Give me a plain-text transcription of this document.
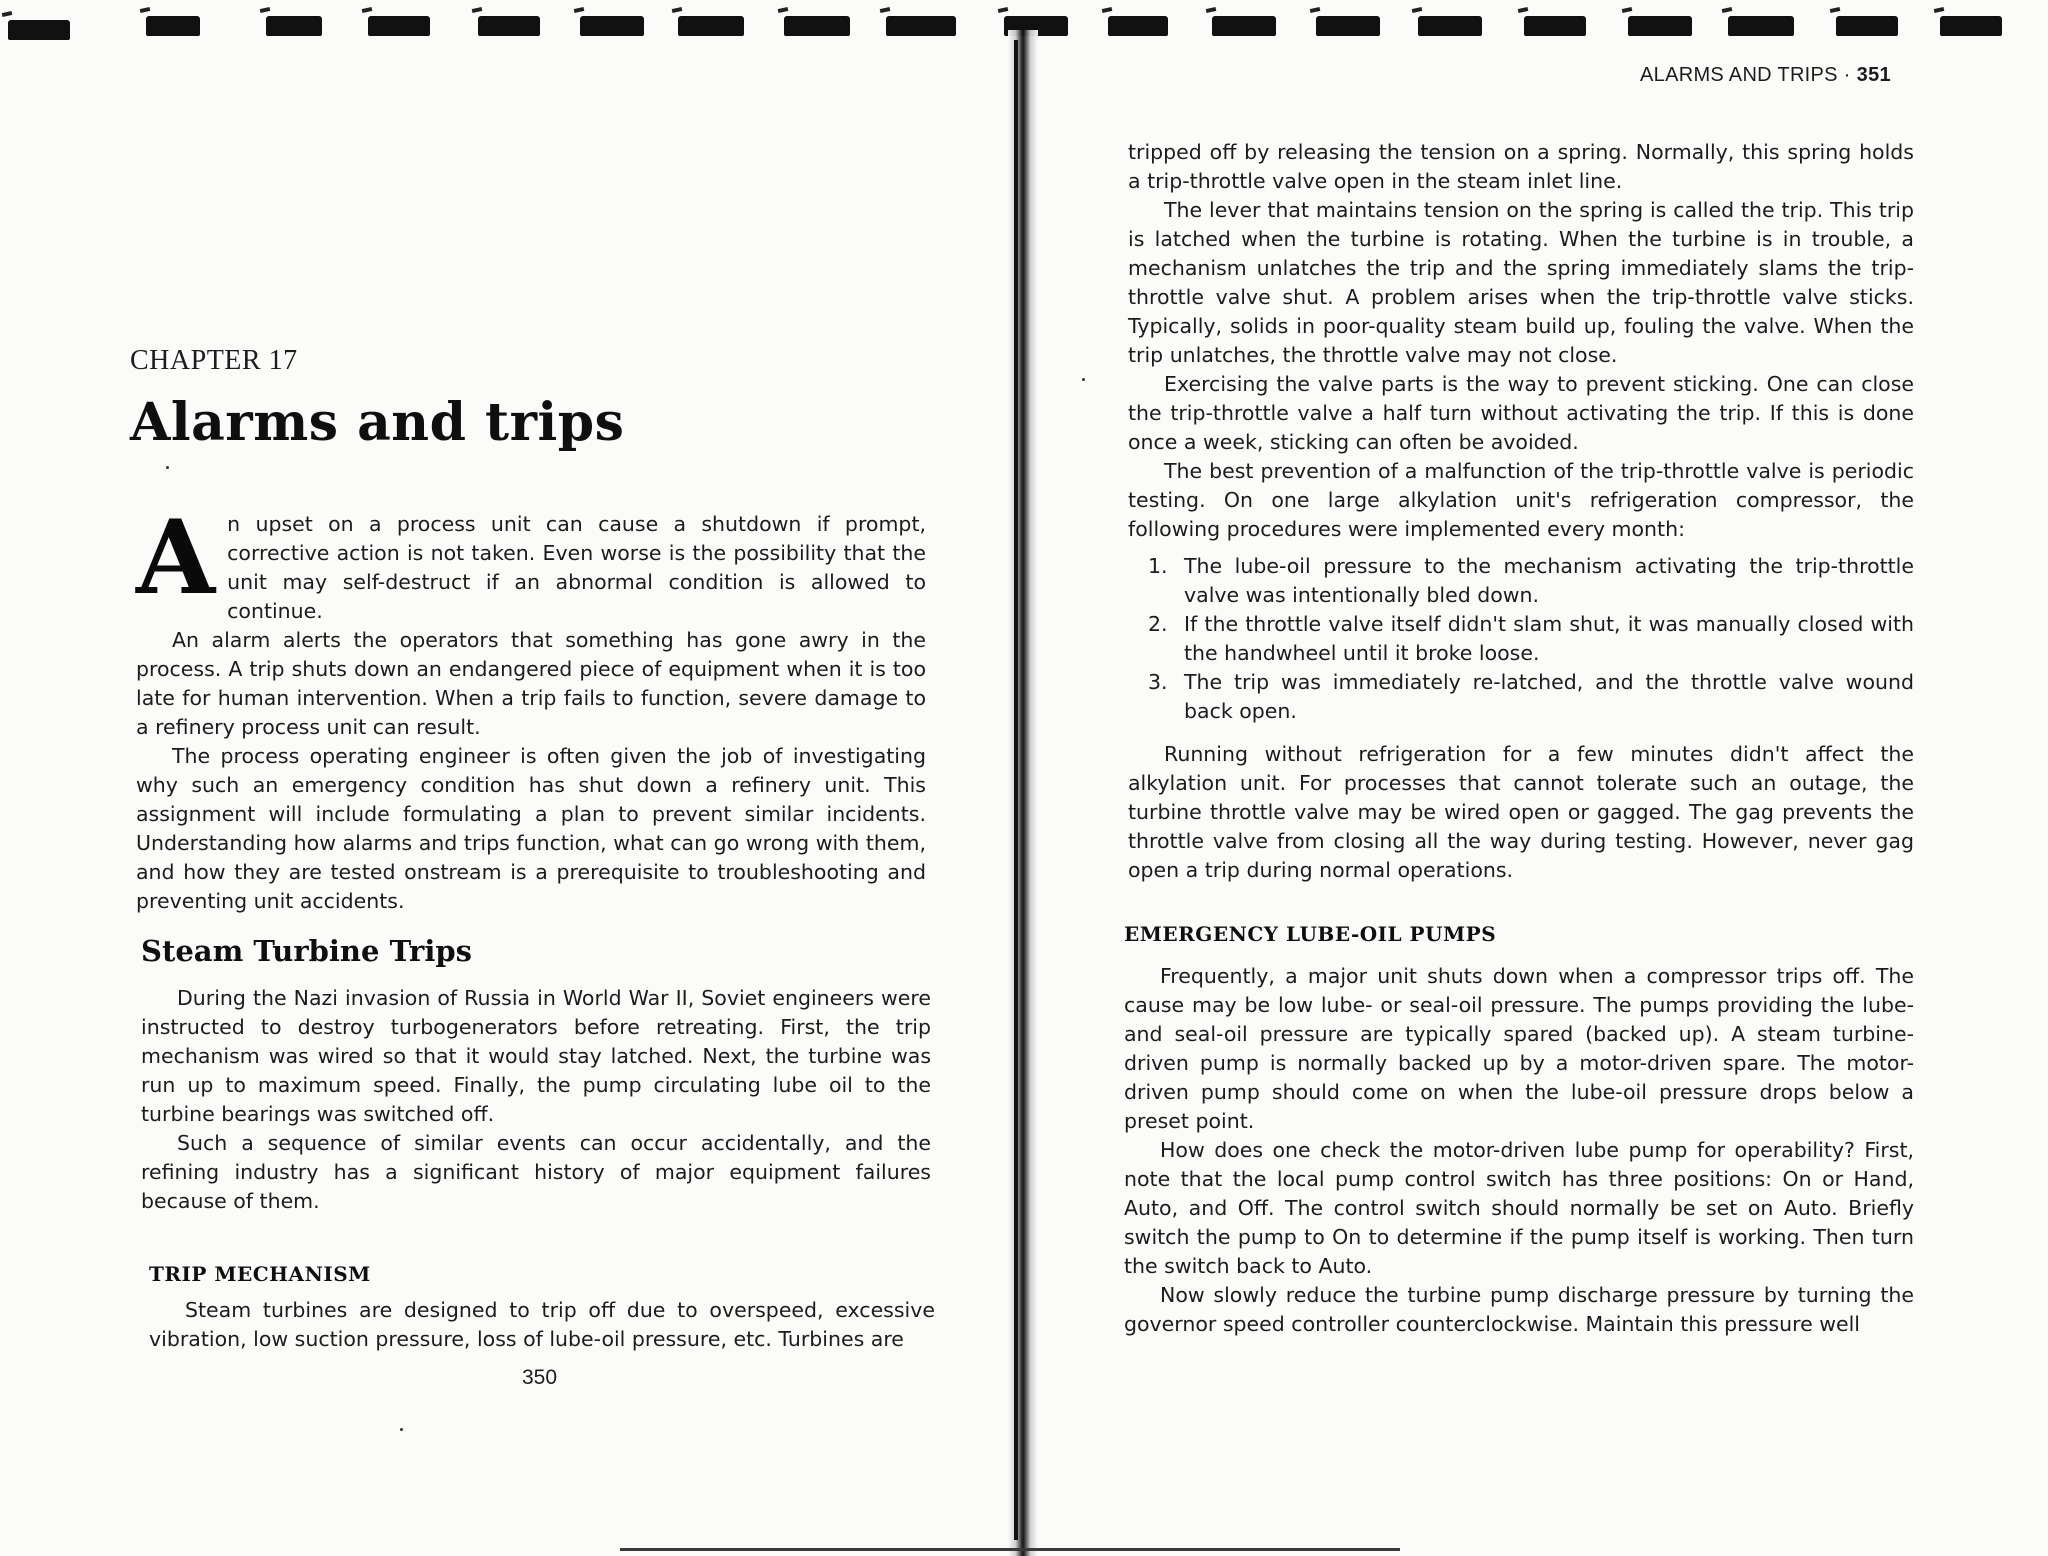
CHAPTER 17
Alarms and trips

An upset on a process unit can cause a shutdown if prompt, corrective action is not taken. Even worse is the possibility that the unit may self-destruct if an abnormal condition is allowed to continue.

An alarm alerts the operators that something has gone awry in the process. A trip shuts down an endangered piece of equipment when it is too late for human intervention. When a trip fails to function, severe damage to a refinery process unit can result.

The process operating engineer is often given the job of investigating why such an emergency condition has shut down a refinery unit. This assignment will include formulating a plan to prevent similar incidents. Understanding how alarms and trips function, what can go wrong with them, and how they are tested onstream is a prerequisite to troubleshooting and preventing unit accidents.

Steam Turbine Trips

During the Nazi invasion of Russia in World War II, Soviet engineers were instructed to destroy turbogenerators before retreating. First, the trip mechanism was wired so that it would stay latched. Next, the turbine was run up to maximum speed. Finally, the pump circulating lube oil to the turbine bearings was switched off.

Such a sequence of similar events can occur accidentally, and the refining industry has a significant history of major equipment failures because of them.

TRIP MECHANISM

Steam turbines are designed to trip off due to overspeed, excessive vibration, low suction pressure, loss of lube-oil pressure, etc. Turbines are

350
ALARMS AND TRIPS · 351

tripped off by releasing the tension on a spring. Normally, this spring holds a trip-throttle valve open in the steam inlet line.

The lever that maintains tension on the spring is called the trip. This trip is latched when the turbine is rotating. When the turbine is in trouble, a mechanism unlatches the trip and the spring immediately slams the trip-throttle valve shut. A problem arises when the trip-throttle valve sticks. Typically, solids in poor-quality steam build up, fouling the valve. When the trip unlatches, the throttle valve may not close.

Exercising the valve parts is the way to prevent sticking. One can close the trip-throttle valve a half turn without activating the trip. If this is done once a week, sticking can often be avoided.

The best prevention of a malfunction of the trip-throttle valve is periodic testing. On one large alkylation unit's refrigeration compressor, the following procedures were implemented every month:

1. The lube-oil pressure to the mechanism activating the trip-throttle valve was intentionally bled down.
2. If the throttle valve itself didn't slam shut, it was manually closed with the handwheel until it broke loose.
3. The trip was immediately re-latched, and the throttle valve wound back open.

Running without refrigeration for a few minutes didn't affect the alkylation unit. For processes that cannot tolerate such an outage, the turbine throttle valve may be wired open or gagged. The gag prevents the throttle valve from closing all the way during testing. However, never gag open a trip during normal operations.

EMERGENCY LUBE-OIL PUMPS

Frequently, a major unit shuts down when a compressor trips off. The cause may be low lube- or seal-oil pressure. The pumps providing the lube- and seal-oil pressure are typically spared (backed up). A steam turbine-driven pump is normally backed up by a motor-driven spare. The motor-driven pump should come on when the lube-oil pressure drops below a preset point.

How does one check the motor-driven lube pump for operability? First, note that the local pump control switch has three positions: On or Hand, Auto, and Off. The control switch should normally be set on Auto. Briefly switch the pump to On to determine if the pump itself is working. Then turn the switch back to Auto.

Now slowly reduce the turbine pump discharge pressure by turning the governor speed controller counterclockwise. Maintain this pressure well
